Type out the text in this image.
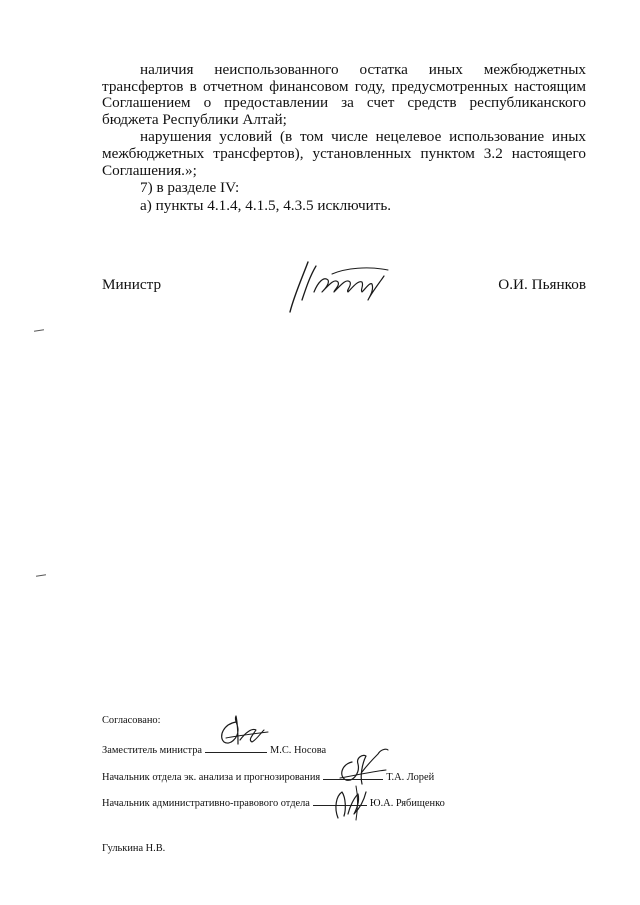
наличия неиспользованного остатка иных межбюджетных трансфертов в отчетном финансовом году, предусмотренных настоящим Соглашением о предоставлении за счет средств республиканского бюджета Республики Алтай;

нарушения условий (в том числе нецелевое использование иных межбюджетных трансфертов), установленных пунктом 3.2 настоящего Соглашения.»;

7) в разделе IV:

а) пункты 4.1.4, 4.1.5, 4.3.5 исключить.

Министр	О.И. Пьянков
Согласовано:
Заместитель министра	М.С. Носова
Начальник отдела эк. анализа и прогнозирования	Т.А. Лорей
Начальник административно-правового отдела	Ю.А. Рябищенко
Гулькина Н.В.
